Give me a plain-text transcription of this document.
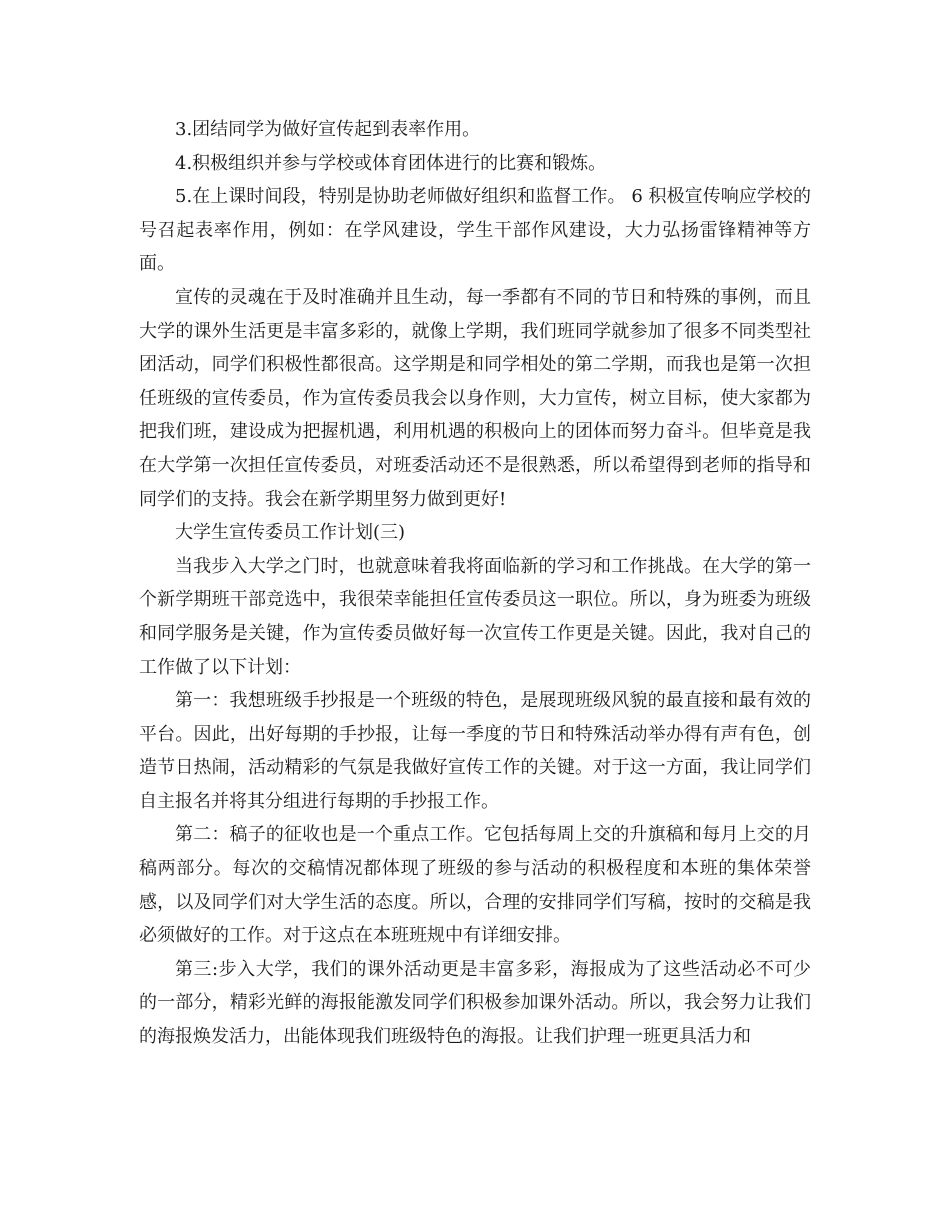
3.团结同学为做好宣传起到表率作用。

4.积极组织并参与学校或体育团体进行的比赛和锻炼。

5.在上课时间段，特别是协助老师做好组织和监督工作。 6 积极宣传响应学校的号召起表率作用，例如：在学风建设，学生干部作风建设，大力弘扬雷锋精神等方面。

宣传的灵魂在于及时准确并且生动，每一季都有不同的节日和特殊的事例，而且大学的课外生活更是丰富多彩的，就像上学期，我们班同学就参加了很多不同类型社团活动，同学们积极性都很高。这学期是和同学相处的第二学期，而我也是第一次担任班级的宣传委员，作为宣传委员我会以身作则，大力宣传，树立目标，使大家都为把我们班，建设成为把握机遇，利用机遇的积极向上的团体而努力奋斗。但毕竟是我在大学第一次担任宣传委员，对班委活动还不是很熟悉，所以希望得到老师的指导和同学们的支持。我会在新学期里努力做到更好!

大学生宣传委员工作计划(三)

当我步入大学之门时，也就意味着我将面临新的学习和工作挑战。在大学的第一个新学期班干部竞选中，我很荣幸能担任宣传委员这一职位。所以，身为班委为班级和同学服务是关键，作为宣传委员做好每一次宣传工作更是关键。因此，我对自己的工作做了以下计划：

第一：我想班级手抄报是一个班级的特色，是展现班级风貌的最直接和最有效的平台。因此，出好每期的手抄报，让每一季度的节日和特殊活动举办得有声有色，创造节日热闹，活动精彩的气氛是我做好宣传工作的关键。对于这一方面，我让同学们自主报名并将其分组进行每期的手抄报工作。

第二：稿子的征收也是一个重点工作。它包括每周上交的升旗稿和每月上交的月稿两部分。每次的交稿情况都体现了班级的参与活动的积极程度和本班的集体荣誉感，以及同学们对大学生活的态度。所以，合理的安排同学们写稿，按时的交稿是我必须做好的工作。对于这点在本班班规中有详细安排。

第三:步入大学，我们的课外活动更是丰富多彩，海报成为了这些活动必不可少的一部分，精彩光鲜的海报能激发同学们积极参加课外活动。所以，我会努力让我们的海报焕发活力，出能体现我们班级特色的海报。让我们护理一班更具活力和
